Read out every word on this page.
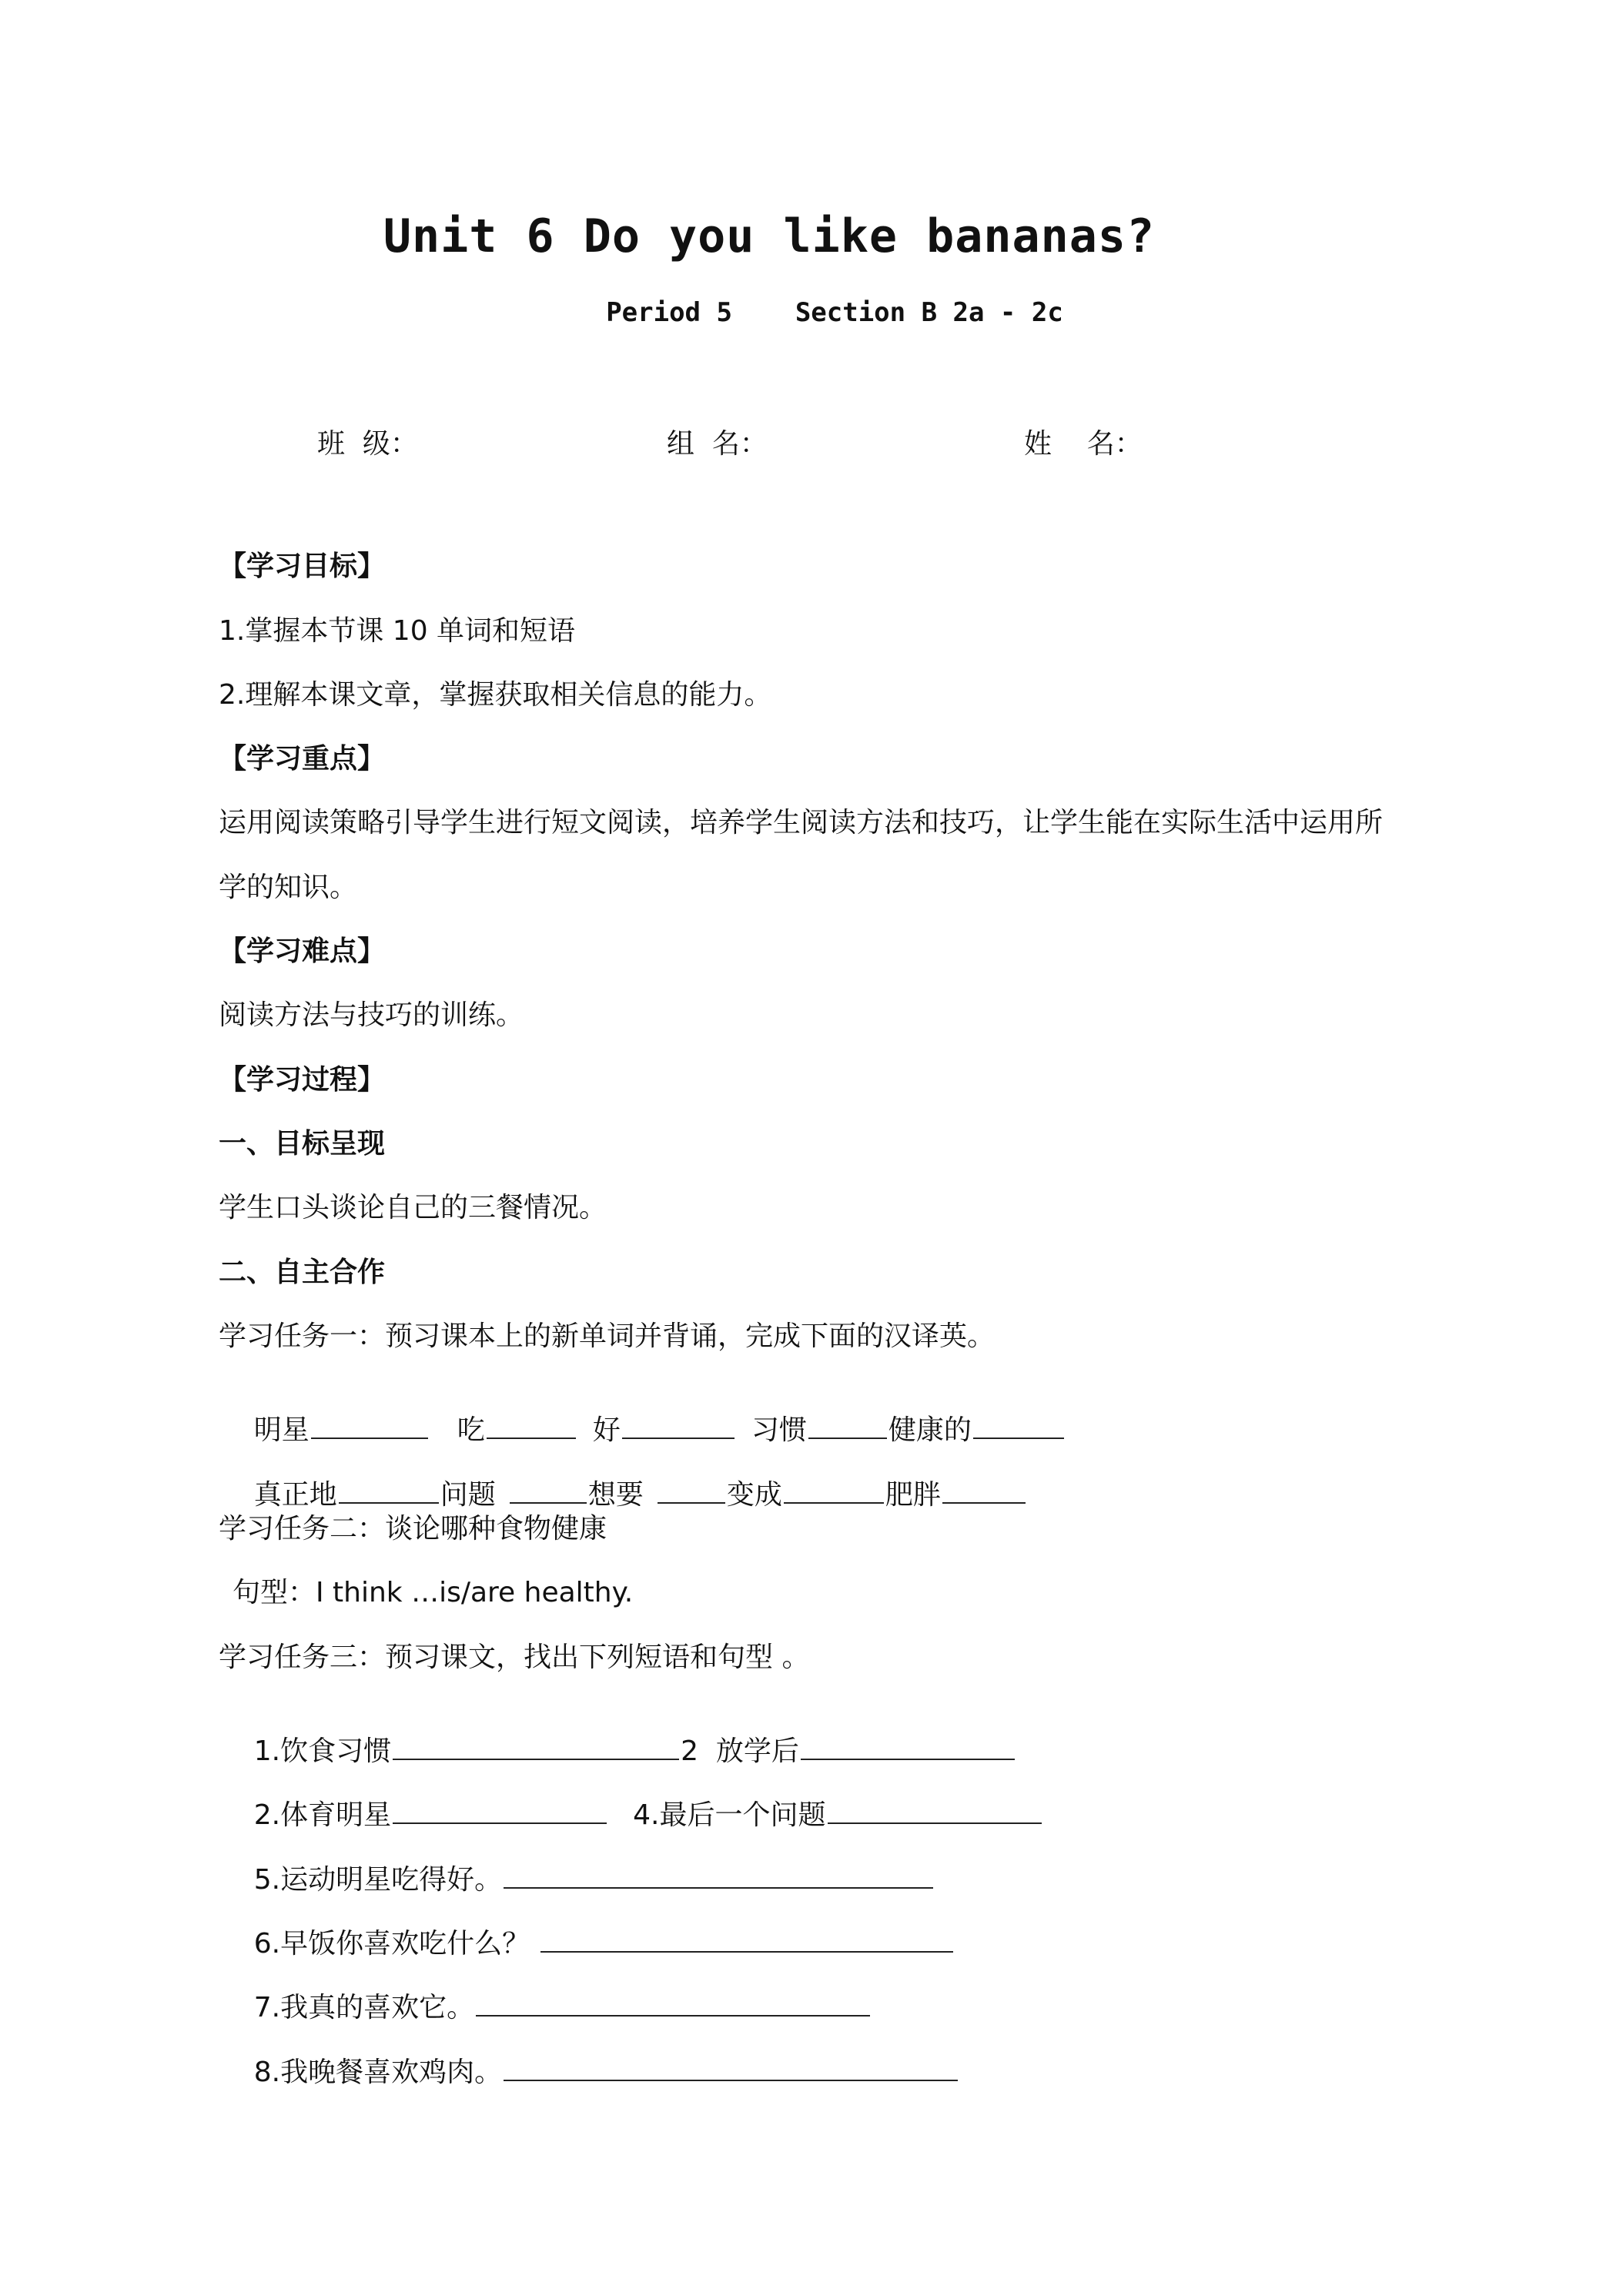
Unit 6 Do you like bananas?
Period 5    Section B 2a - 2c
班  级：	组  名：	姓    名：
【学习目标】
1.掌握本节课 10 单词和短语
2.理解本课文章，掌握获取相关信息的能力。
【学习重点】
运用阅读策略引导学生进行短文阅读，培养学生阅读方法和技巧，让学生能在实际生活中运用所
学的知识。
【学习难点】
阅读方法与技巧的训练。
【学习过程】
一、目标呈现
学生口头谈论自己的三餐情况。
二、自主合作
学习任务一：预习课本上的新单词并背诵，完成下面的汉译英。

明星	吃	好	习惯	健康的

真正地	问题	想要	变成	肥胖

学习任务二：谈论哪种食物健康
句型：I think …is/are healthy.
学习任务三：预习课文，找出下列短语和句型 。

1.饮食习惯	2  放学后

2.体育明星	4.最后一个问题

5.运动明星吃得好。

6.早饭你喜欢吃什么？

7.我真的喜欢它。

8.我晚餐喜欢鸡肉。
